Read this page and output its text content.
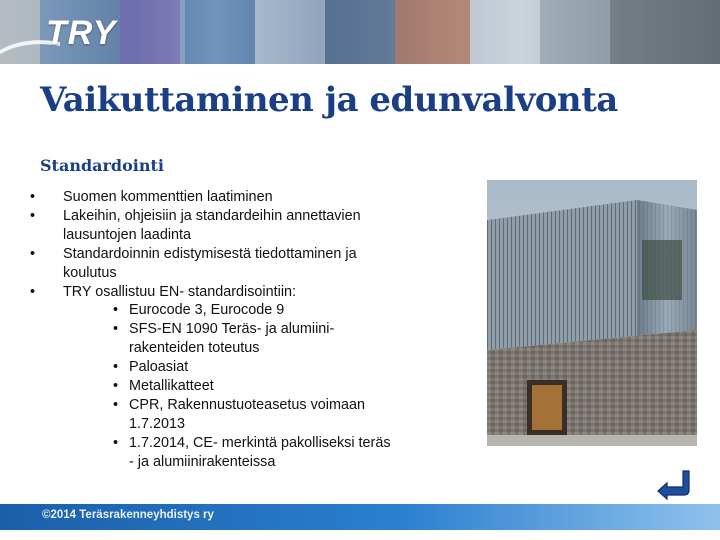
TRY
Vaikuttaminen ja edunvalvonta
Standardointi
• Suomen kommenttien laatiminen
• Lakeihin, ohjeisiin ja standardeihin annettavien
lausuntojen laadinta
• Standardoinnin edistymisestä tiedottaminen ja
koulutus
• TRY osallistuu EN- standardisointiin:
• Eurocode 3, Eurocode 9
• SFS-EN 1090 Teräs- ja alumiini-
rakenteiden toteutus
• Paloasiat
• Metallikatteet
• CPR, Rakennustuoteasetus voimaan
1.7.2013
• 1.7.2014, CE- merkintä pakolliseksi teräs
- ja alumiinirakenteissa
©2014 Teräsrakenneyhdistys ry
